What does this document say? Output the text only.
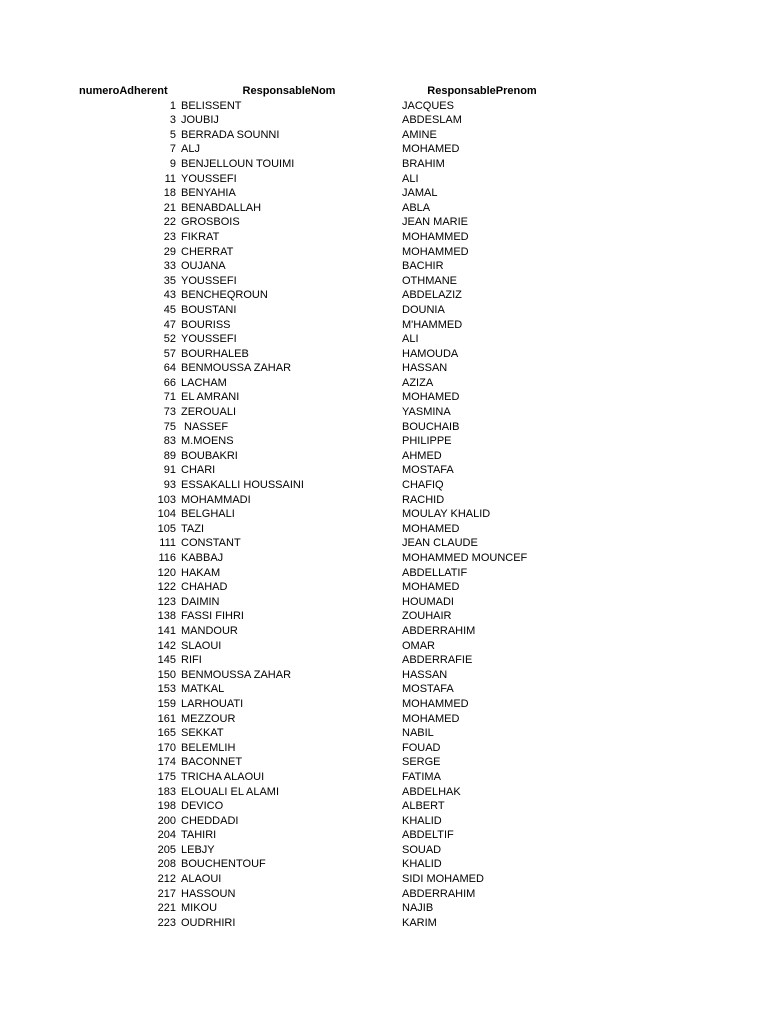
numeroAdherent	ResponsableNom	ResponsablePrenom
1 BELISSENT	JACQUES
3 JOUBIJ	ABDESLAM
5 BERRADA SOUNNI	AMINE
7 ALJ	MOHAMED
9 BENJELLOUN TOUIMI	BRAHIM
11 YOUSSEFI	ALI
18 BENYAHIA	JAMAL
21 BENABDALLAH	ABLA
22 GROSBOIS	JEAN MARIE
23 FIKRAT	MOHAMMED
29 CHERRAT	MOHAMMED
33 OUJANA	BACHIR
35 YOUSSEFI	OTHMANE
43 BENCHEQROUN	ABDELAZIZ
45 BOUSTANI	DOUNIA
47 BOURISS	M'HAMMED
52 YOUSSEFI	ALI
57 BOURHALEB	HAMOUDA
64 BENMOUSSA ZAHAR	HASSAN
66 LACHAM	AZIZA
71 EL AMRANI	MOHAMED
73 ZEROUALI	YASMINA
75 NASSEF	BOUCHAIB
83 M.MOENS	PHILIPPE
89 BOUBAKRI	AHMED
91 CHARI	MOSTAFA
93 ESSAKALLI HOUSSAINI	CHAFIQ
103 MOHAMMADI	RACHID
104 BELGHALI	MOULAY KHALID
105 TAZI	MOHAMED
111 CONSTANT	JEAN CLAUDE
116 KABBAJ	MOHAMMED MOUNCEF
120 HAKAM	ABDELLATIF
122 CHAHAD	MOHAMED
123 DAIMIN	HOUMADI
138 FASSI FIHRI	ZOUHAIR
141 MANDOUR	ABDERRAHIM
142 SLAOUI	OMAR
145 RIFI	ABDERRAFIE
150 BENMOUSSA ZAHAR	HASSAN
153 MATKAL	MOSTAFA
159 LARHOUATI	MOHAMMED
161 MEZZOUR	MOHAMED
165 SEKKAT	NABIL
170 BELEMLIH	FOUAD
174 BACONNET	SERGE
175 TRICHA ALAOUI	FATIMA
183 ELOUALI EL ALAMI	ABDELHAK
198 DEVICO	ALBERT
200 CHEDDADI	KHALID
204 TAHIRI	ABDELTIF
205 LEBJY	SOUAD
208 BOUCHENTOUF	KHALID
212 ALAOUI	SIDI MOHAMED
217 HASSOUN	ABDERRAHIM
221 MIKOU	NAJIB
223 OUDRHIRI	KARIM
